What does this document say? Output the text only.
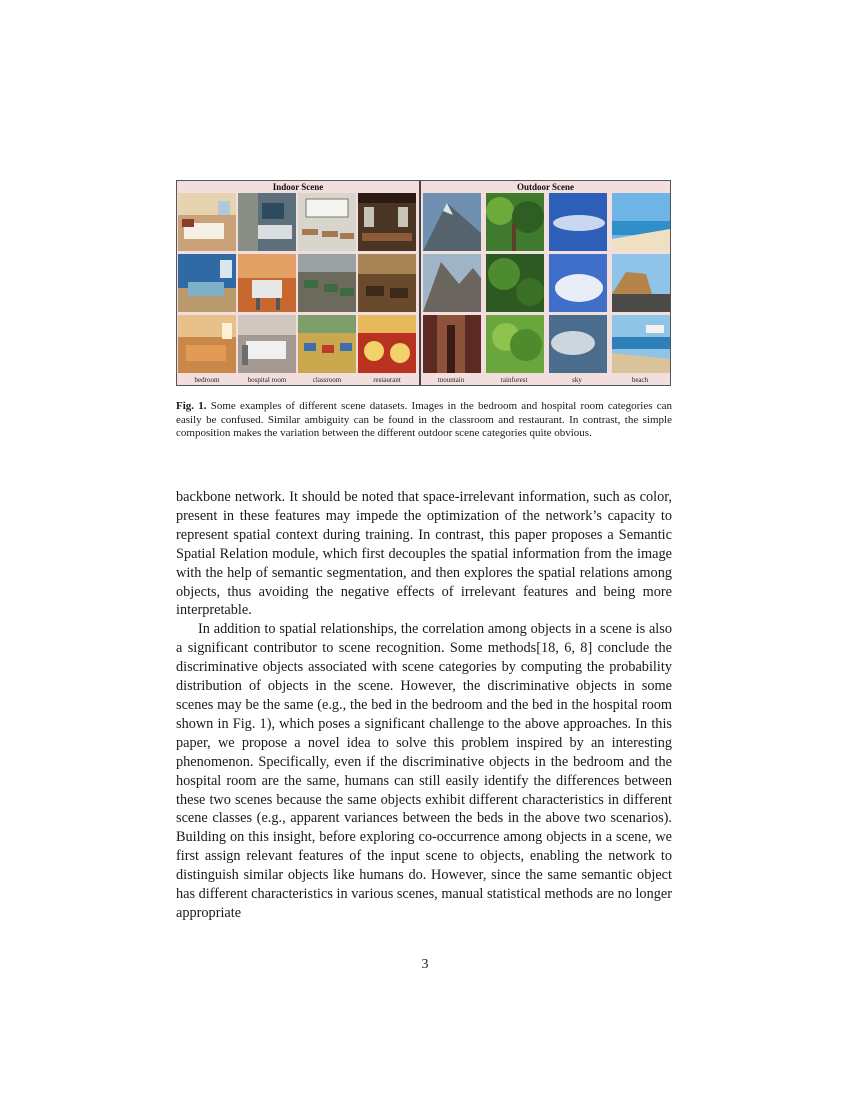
Indoor Scene
bedroom	hospital room	classroom	restaurant
Outdoor Scene
mountain	rainforest	sky	beach
Fig. 1. Some examples of different scene datasets. Images in the bedroom and hospital room categories can easily be confused. Similar ambiguity can be found in the classroom and restaurant. In contrast, the simple composition makes the variation between the different outdoor scene categories quite obvious.

backbone network. It should be noted that space-irrelevant information, such as color, present in these features may impede the optimization of the network’s capacity to represent spatial context during training. In contrast, this paper proposes a Semantic Spatial Relation module, which first decouples the spatial information from the image with the help of semantic segmentation, and then explores the spatial relations among objects, thus avoiding the negative effects of irrelevant features and being more interpretable.

In addition to spatial relationships, the correlation among objects in a scene is also a significant contributor to scene recognition. Some methods[18, 6, 8] conclude the discriminative objects associated with scene categories by computing the probability distribution of objects in the scene. However, the discriminative objects in some scenes may be the same (e.g., the bed in the bedroom and the bed in the hospital room shown in Fig. 1), which poses a significant challenge to the above approaches. In this paper, we propose a novel idea to solve this problem inspired by an interesting phenomenon. Specifically, even if the discriminative objects in the bedroom and the hospital room are the same, humans can still easily identify the differences between these two scenes because the same objects exhibit different characteristics in different scene classes (e.g., apparent variances between the beds in the above two scenarios). Building on this insight, before exploring co-occurrence among objects in a scene, we first assign relevant features of the input scene to objects, enabling the network to distinguish similar objects like humans do. However, since the same semantic object has different characteristics in various scenes, manual statistical methods are no longer appropriate

3
